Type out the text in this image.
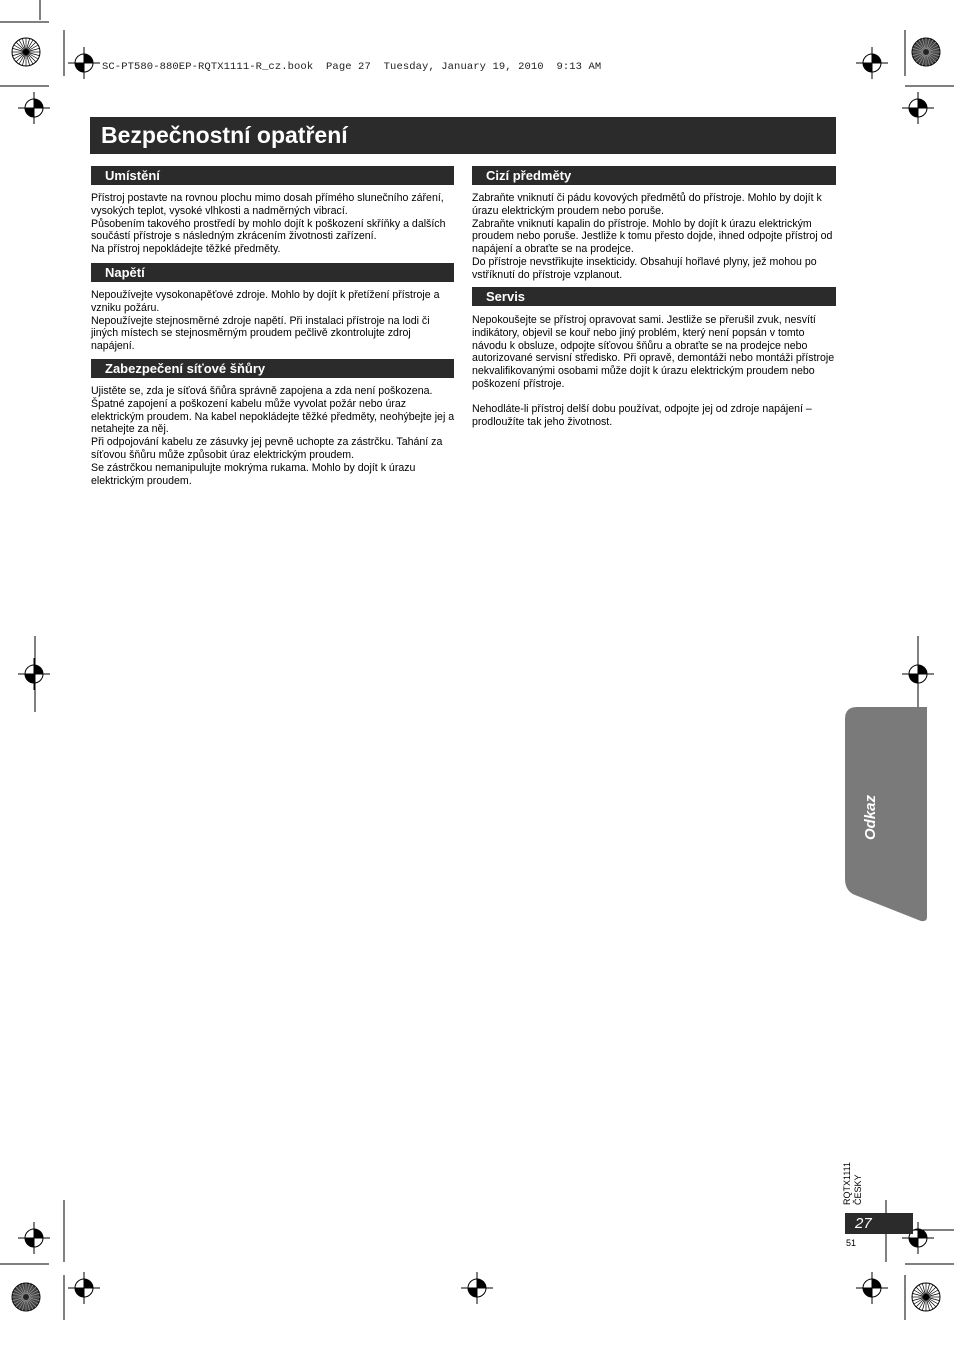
SC-PT580-880EP-RQTX1111-R_cz.book  Page 27  Tuesday, January 19, 2010  9:13 AM
Bezpečnostní opatření
Umístění

Přístroj postavte na rovnou plochu mimo dosah přímého slunečního záření, vysokých teplot, vysoké vlhkosti a nadměrných vibrací.

Působením takového prostředí by mohlo dojít k poškození skříňky a dalších součástí přístroje s následným zkrácením životnosti zařízení.

Na přístroj nepokládejte těžké předměty.

Napětí

Nepoužívejte vysokonapěťové zdroje. Mohlo by dojít k přetížení přístroje a vzniku požáru.

Nepoužívejte stejnosměrné zdroje napětí. Při instalaci přístroje na lodi či jiných místech se stejnosměrným proudem pečlivě zkontrolujte zdroj napájení.

Zabezpečení síťové šňůry

Ujistěte se, zda je síťová šňůra správně zapojena a zda není poškozena. Špatné zapojení a poškození kabelu může vyvolat požár nebo úraz elektrickým proudem. Na kabel nepokládejte těžké předměty, neohýbejte jej a netahejte za něj.

Při odpojování kabelu ze zásuvky jej pevně uchopte za zástrčku. Tahání za síťovou šňůru může způsobit úraz elektrickým proudem.

Se zástrčkou nemanipulujte mokrýma rukama. Mohlo by dojít k úrazu elektrickým proudem.

Cizí předměty

Zabraňte vniknutí či pádu kovových předmětů do přístroje. Mohlo by dojít k úrazu elektrickým proudem nebo poruše.

Zabraňte vniknutí kapalin do přístroje. Mohlo by dojít k úrazu elektrickým proudem nebo poruše. Jestliže k tomu přesto dojde, ihned odpojte přístroj od napájení a obraťte se na prodejce.

Do přístroje nevstřikujte insekticidy. Obsahují hořlavé plyny, jež mohou po vstříknutí do přístroje vzplanout.

Servis

Nepokoušejte se přístroj opravovat sami. Jestliže se přerušil zvuk, nesvítí indikátory, objevil se kouř nebo jiný problém, který není popsán v tomto návodu k obsluze, odpojte síťovou šňůru a obraťte se na prodejce nebo autorizované servisní středisko. Při opravě, demontáži nebo montáži přístroje nekvalifikovanými osobami může dojít k úrazu elektrickým proudem nebo poškození přístroje.

Nehodláte-li přístroj delší dobu používat, odpojte jej od zdroje napájení – prodloužíte tak jeho životnost.

RQTX1111 ČESKY
27
51
